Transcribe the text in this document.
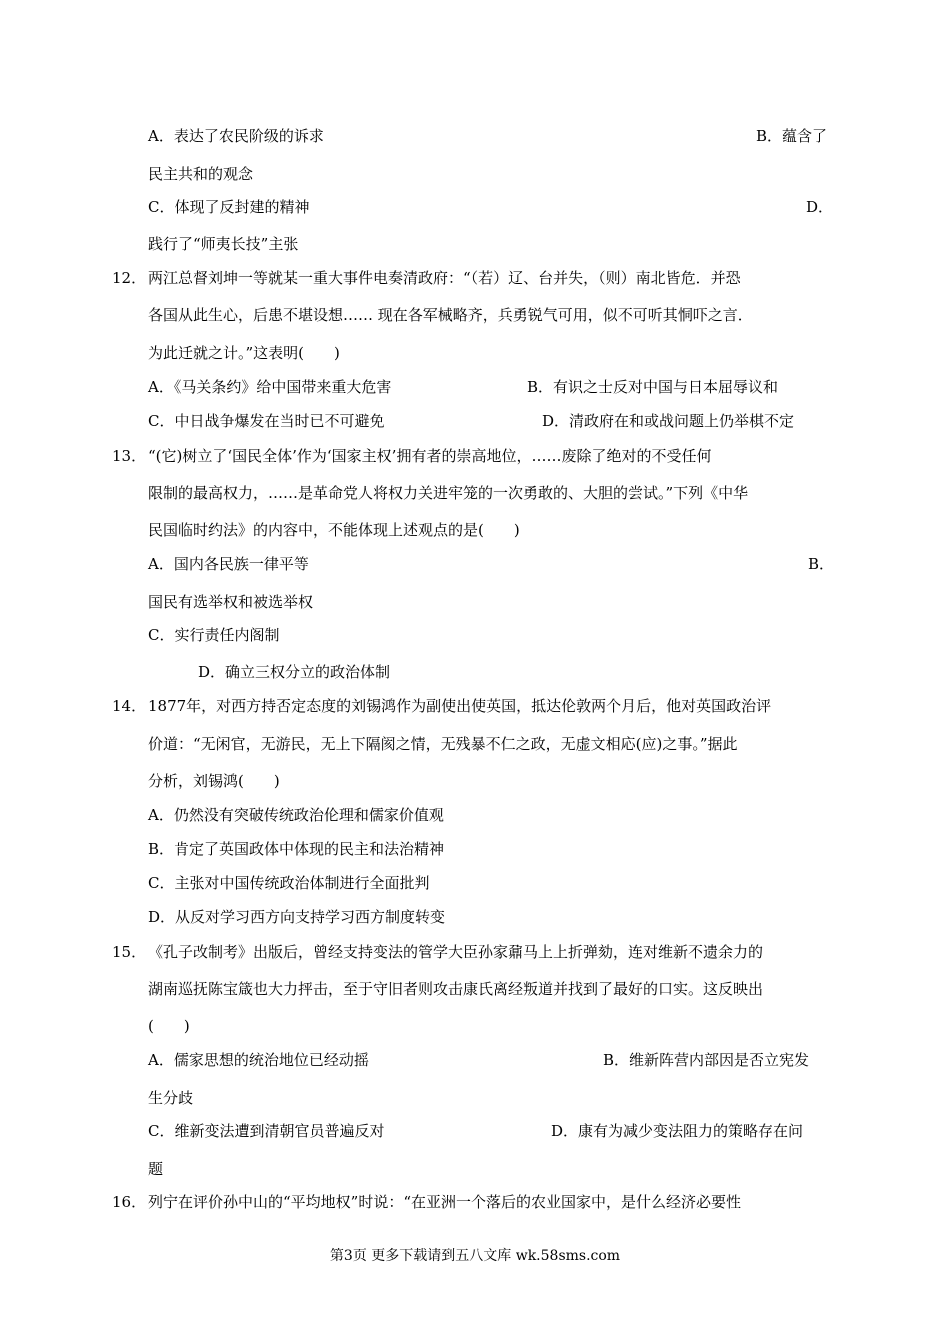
A．表达了农民阶级的诉求	B．蕴含了
民主共和的观念
C．体现了反封建的精神	D．
践行了“师夷长技”主张
12． 两江总督刘坤一等就某一重大事件电奏清政府：“（若）辽、台并失，（则）南北皆危．并恐
各国从此生心，后患不堪设想…… 现在各军械略齐，兵勇锐气可用，似不可听其恫吓之言．
为此迁就之计。”这表明(　　)
A．《马关条约》给中国带来重大危害	B．有识之士反对中国与日本屈辱议和
C．中日战争爆发在当时已不可避免	D．清政府在和或战问题上仍举棋不定
13． “(它)树立了‘国民全体’作为‘国家主权’拥有者的崇高地位，……废除了绝对的不受任何
限制的最高权力，……是革命党人将权力关进牢笼的一次勇敢的、大胆的尝试。”下列《中华
民国临时约法》的内容中，不能体现上述观点的是(　　)
A．国内各民族一律平等	B．
国民有选举权和被选举权
C．实行责任内阁制
D．确立三权分立的政治体制
14． 1877年，对西方持否定态度的刘锡鸿作为副使出使英国，抵达伦敦两个月后，他对英国政治评
价道：“无闲官，无游民，无上下隔阂之情，无残暴不仁之政，无虚文相応(应)之事。”据此
分析，刘锡鸿(　　)
A．仍然没有突破传统政治伦理和儒家价值观
B．肯定了英国政体中体现的民主和法治精神
C．主张对中国传统政治体制进行全面批判
D．从反对学习西方向支持学习西方制度转变
15． 《孔子改制考》出版后，曾经支持变法的管学大臣孙家鼐马上上折弹劾，连对维新不遗余力的
湖南巡抚陈宝箴也大力抨击，至于守旧者则攻击康氏离经叛道并找到了最好的口实。这反映出
(　　)
A．儒家思想的统治地位已经动摇	B．维新阵营内部因是否立宪发
生分歧
C．维新变法遭到清朝官员普遍反对	D．康有为减少变法阻力的策略存在问
题
16． 列宁在评价孙中山的“平均地权”时说：“在亚洲一个落后的农业国家中，是什么经济必要性
第3页 更多下载请到五八文库 wk.58sms.com
